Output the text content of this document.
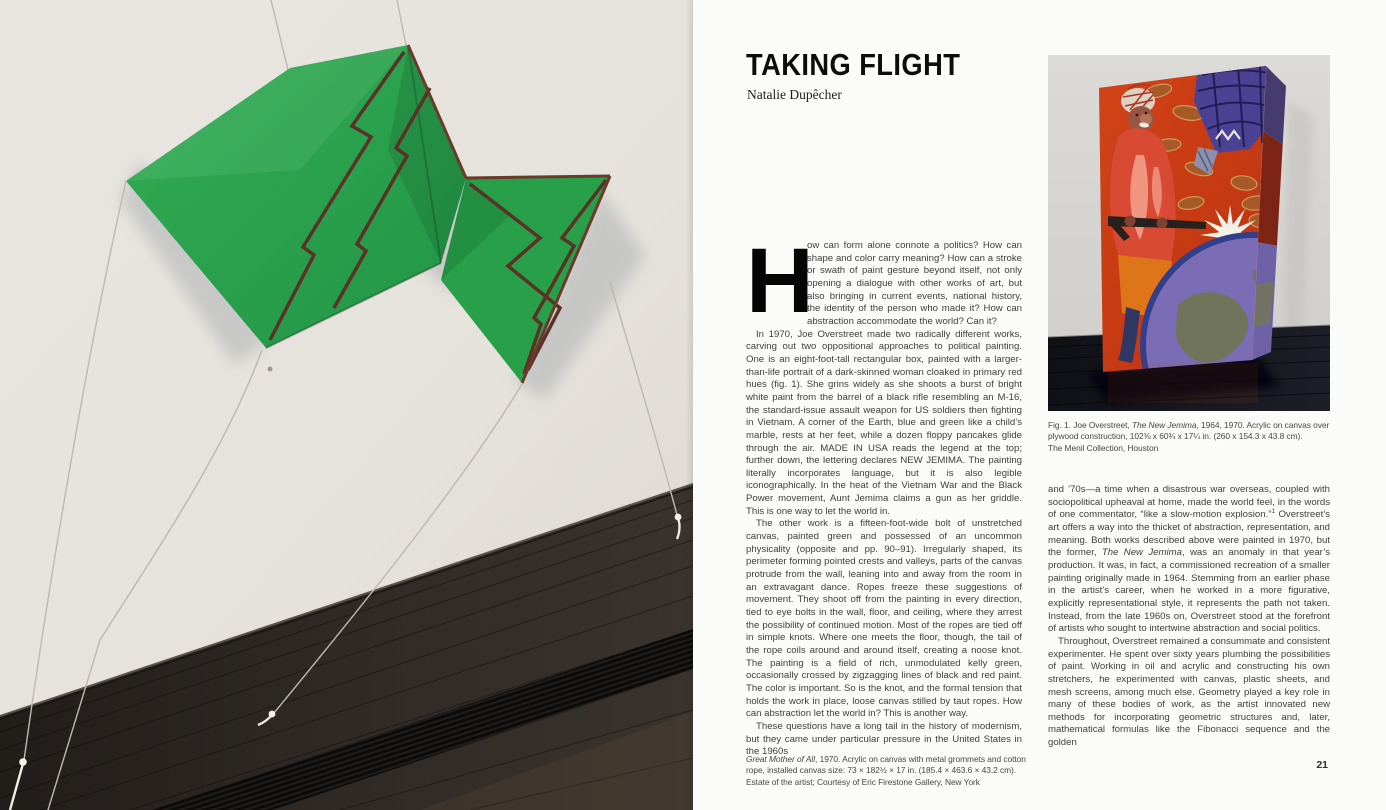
TAKING FLIGHT
Natalie Dupêcher

H
ow can form alone connote a politics? How can shape and color carry meaning? How can a stroke or swath of paint gesture beyond itself, not only opening a dialogue with other works of art, but also bringing in current events, national history, the identity of the person who made it? How can abstraction accommodate the world? Can it?

In 1970, Joe Overstreet made two radically different works, carving out two oppositional approaches to political painting. One is an eight-foot-tall rectangular box, painted with a larger-than-life portrait of a dark-skinned woman cloaked in primary red hues (fig. 1). She grins widely as she shoots a burst of bright white paint from the barrel of a black rifle resembling an M-16, the standard-issue assault weapon for US soldiers then fighting in Vietnam. A corner of the Earth, blue and green like a child’s marble, rests at her feet, while a dozen floppy pancakes glide through the air. MADE IN USA reads the legend at the top; further down, the lettering declares NEW JEMIMA. The painting literally incorporates language, but it is also legible iconographically. In the heat of the Vietnam War and the Black Power movement, Aunt Jemima claims a gun as her griddle. This is one way to let the world in.

The other work is a fifteen-foot-wide bolt of unstretched canvas, painted green and possessed of an uncommon physicality (opposite and pp. 90–91). Irregularly shaped, its perimeter forming pointed crests and valleys, parts of the canvas protrude from the wall, leaning into and away from the room in an extravagant dance. Ropes freeze these suggestions of movement. They shoot off from the painting in every direction, tied to eye bolts in the wall, floor, and ceiling, where they arrest the possibility of continued motion. Most of the ropes are tied off in simple knots. Where one meets the floor, though, the tail of the rope coils around and around itself, creating a noose knot. The painting is a field of rich, unmodulated kelly green, occasionally crossed by zigzagging lines of black and red paint. The color is important. So is the knot, and the formal tension that holds the work in place, loose canvas stilled by taut ropes. How can abstraction let the world in? This is another way.

These questions have a long tail in the history of modernism, but they came under particular pressure in the United States in the 1960s

Fig. 1. Joe Overstreet, The New Jemima, 1964, 1970. Acrylic on canvas over plywood construction, 102⅜ x 60¾ x 17¼ in. (260 x 154.3 x 43.8 cm).
The Menil Collection, Houston

and ’70s—a time when a disastrous war overseas, coupled with sociopolitical upheaval at home, made the world feel, in the words of one commentator, “like a slow-motion explosion.”$^1$ Overstreet’s art offers a way into the thicket of abstraction, representation, and meaning. Both works described above were painted in 1970, but the former, The New Jemima, was an anomaly in that year’s production. It was, in fact, a commissioned recreation of a smaller painting originally made in 1964. Stemming from an earlier phase in the artist’s career, when he worked in a more figurative, explicitly representational style, it represents the path not taken. Instead, from the late 1960s on, Overstreet stood at the forefront of artists who sought to intertwine abstraction and social politics.

Throughout, Overstreet remained a consummate and consistent experimenter. He spent over sixty years plumbing the possibilities of paint. Working in oil and acrylic and constructing his own stretchers, he experimented with canvas, plastic sheets, and mesh screens, among much else. Geometry played a key role in many of these bodies of work, as the artist innovated new methods for incorporating geometric structures and, later, mathematical formulas like the Fibonacci sequence and the golden

Great Mother of All, 1970. Acrylic on canvas with metal grommets and cotton rope, installed canvas size: 73 × 182½ × 17 in. (185.4 × 463.6 × 43.2 cm).
Estate of the artist; Courtesy of Eric Firestone Gallery, New York
21
